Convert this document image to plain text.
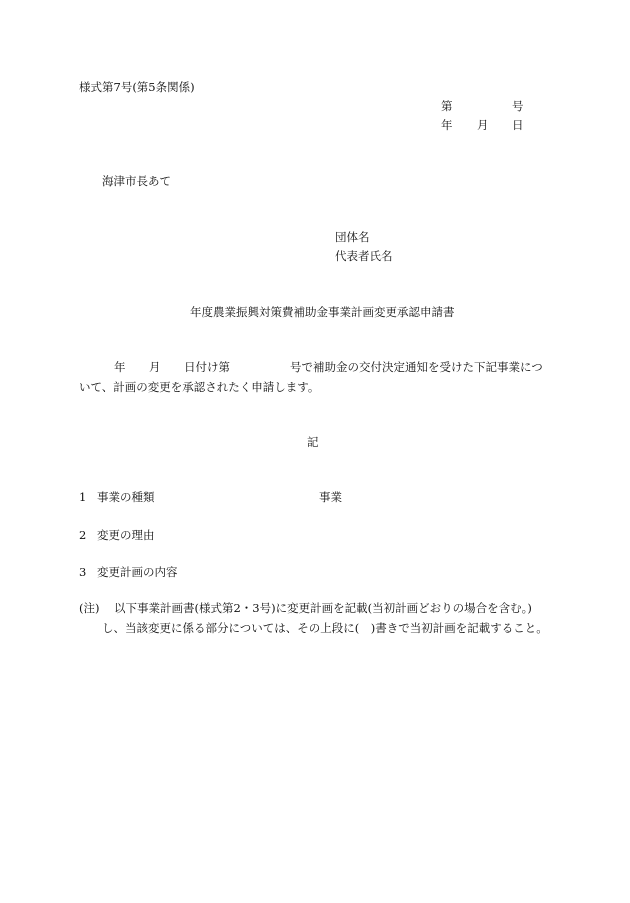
様式第7号(第5条関係)
第	号
年 月 日
海津市長あて
団体名
代表者氏名
年度農業振興対策費補助金事業計画変更承認申請書
年 月 日付け第	号で補助金の交付決定通知を受けた下記事業につ
いて、計画の変更を承認されたく申請します。
記
1 事業の種類	事業
2 変更の理由
3 変更計画の内容
(注) 以下事業計画書(様式第2・3号)に変更計画を記載(当初計画どおりの場合を含む。)
し、当該変更に係る部分については、その上段に(　)書きで当初計画を記載すること。
